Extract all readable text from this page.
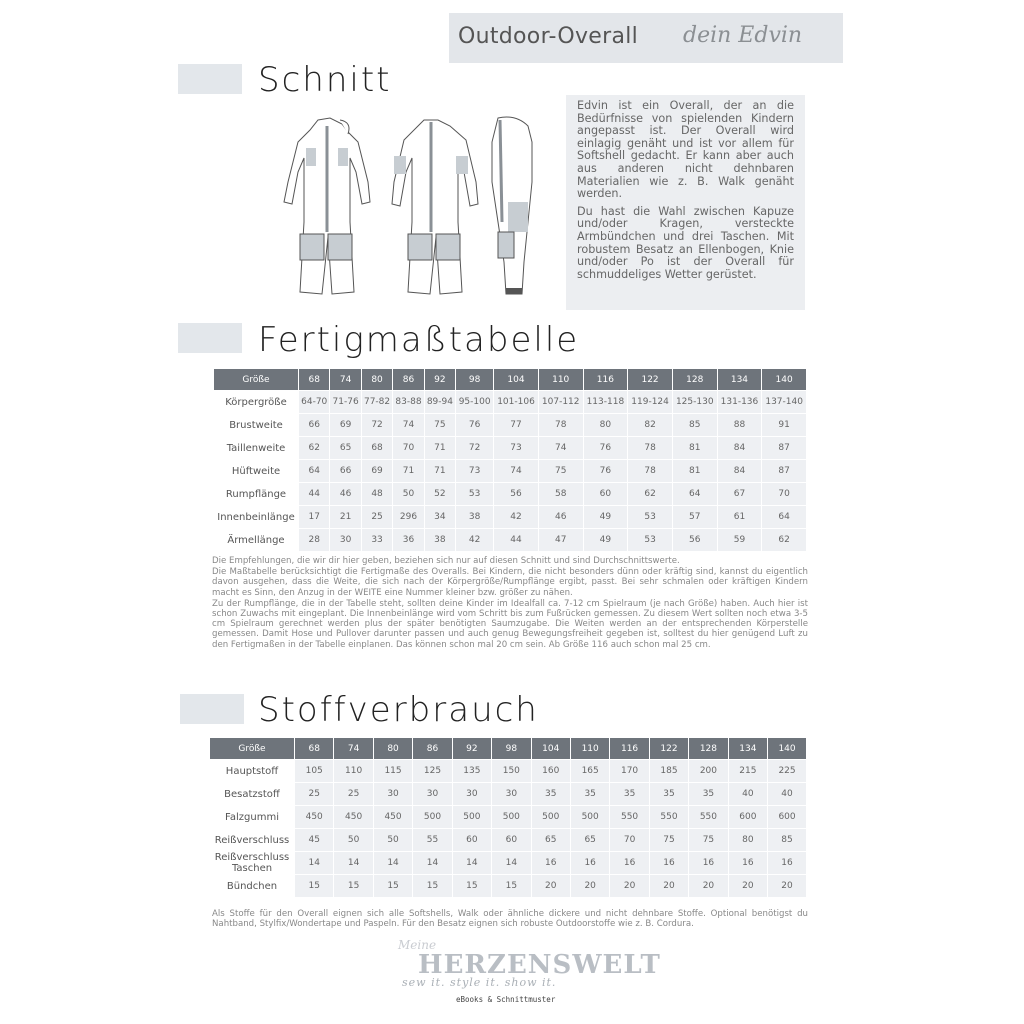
Outdoor-Overall dein Edvin
Schnitt

Edvin ist ein Overall, der an die Bedürfnisse von spielenden Kindern angepasst ist. Der Overall wird einlagig genäht und ist vor allem für Softshell gedacht. Er kann aber auch aus anderen nicht dehnbaren Materialien wie z. B. Walk genäht werden.

Du hast die Wahl zwischen Kapuze und/oder Kragen, versteckte Armbündchen und drei Taschen. Mit robustem Besatz an Ellenbogen, Knie und/oder Po ist der Overall für schmuddeliges Wetter gerüstet.

Fertigmaßtabelle
Größe	68	74	80	86	92	98	104	110	116	122	128	134	140
Körpergröße	64-70	71-76	77-82	83-88	89-94	95-100	101-106	107-112	113-118	119-124	125-130	131-136	137-140
Brustweite	66	69	72	74	75	76	77	78	80	82	85	88	91
Taillenweite	62	65	68	70	71	72	73	74	76	78	81	84	87
Hüftweite	64	66	69	71	71	73	74	75	76	78	81	84	87
Rumpflänge	44	46	48	50	52	53	56	58	60	62	64	67	70
Innenbeinlänge	17	21	25	296	34	38	42	46	49	53	57	61	64
Ärmellänge	28	30	33	36	38	42	44	47	49	53	56	59	62

Die Empfehlungen, die wir dir hier geben, beziehen sich nur auf diesen Schnitt und sind Durchschnittswerte.

Die Maßtabelle berücksichtigt die Fertigmaße des Overalls. Bei Kindern, die nicht besonders dünn oder kräftig sind, kannst du eigentlich davon ausgehen, dass die Weite, die sich nach der Körpergröße/Rumpflänge ergibt, passt. Bei sehr schmalen oder kräftigen Kindern macht es Sinn, den Anzug in der WEITE eine Nummer kleiner bzw. größer zu nähen.

Zu der Rumpflänge, die in der Tabelle steht, sollten deine Kinder im Idealfall ca. 7-12 cm Spielraum (je nach Größe) haben. Auch hier ist schon Zuwachs mit eingeplant. Die Innenbeinlänge wird vom Schritt bis zum Fußrücken gemessen. Zu diesem Wert sollten noch etwa 3-5 cm Spielraum gerechnet werden plus der später benötigten Saumzugabe. Die Weiten werden an der entsprechenden Körperstelle gemessen. Damit Hose und Pullover darunter passen und auch genug Bewegungsfreiheit gegeben ist, solltest du hier genügend Luft zu den Fertigmaßen in der Tabelle einplanen. Das können schon mal 20 cm sein. Ab Größe 116 auch schon mal 25 cm.

Stoffverbrauch
Größe	68	74	80	86	92	98	104	110	116	122	128	134	140
Hauptstoff	105	110	115	125	135	150	160	165	170	185	200	215	225
Besatzstoff	25	25	30	30	30	30	35	35	35	35	35	40	40
Falzgummi	450	450	450	500	500	500	500	500	550	550	550	600	600
Reißverschluss	45	50	50	55	60	60	65	65	70	75	75	80	85
Reißverschluss Taschen	14	14	14	14	14	14	16	16	16	16	16	16	16
Bündchen	15	15	15	15	15	15	20	20	20	20	20	20	20
Als Stoffe für den Overall eignen sich alle Softshells, Walk oder ähnliche dickere und nicht dehnbare Stoffe. Optional benötigst du Nahtband, Stylfix/Wondertape und Paspeln. Für den Besatz eignen sich robuste Outdoorstoffe wie z. B. Cordura.
Meine
HERZENSWELT
sew it. style it. show it.
eBooks & Schnittmuster
